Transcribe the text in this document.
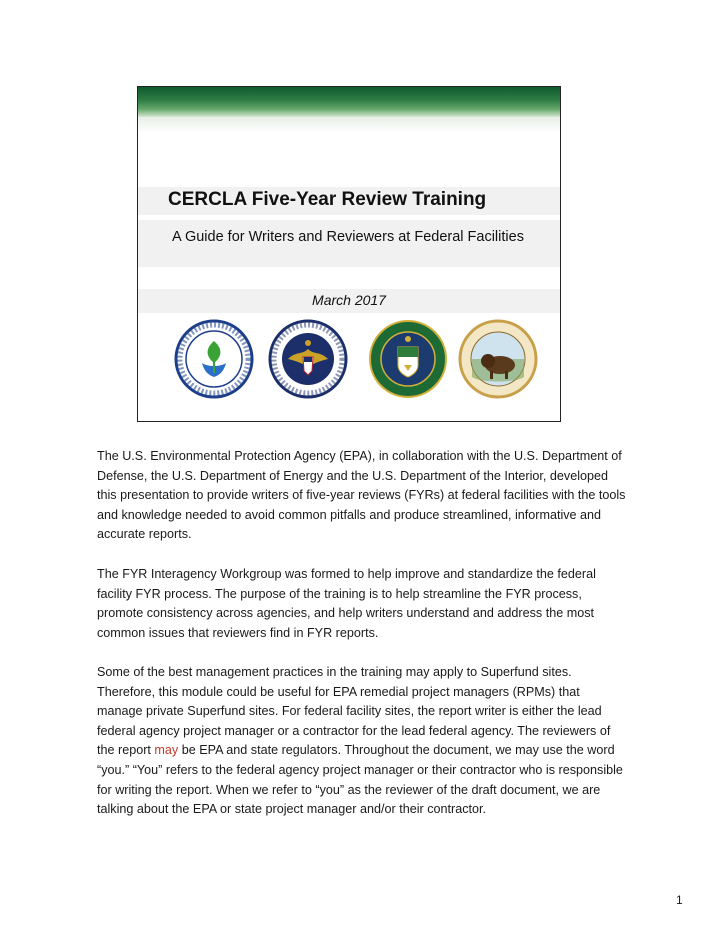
CERCLA Five-Year Review Training
A Guide for Writers and Reviewers at Federal Facilities
March 2017
The U.S. Environmental Protection Agency (EPA), in collaboration with the U.S. Department of Defense, the U.S. Department of Energy and the U.S. Department of the Interior, developed this presentation to provide writers of five-year reviews (FYRs) at federal facilities with the tools and knowledge needed to avoid common pitfalls and produce streamlined, informative and accurate reports.
The FYR Interagency Workgroup was formed to help improve and standardize the federal facility FYR process. The purpose of the training is to help streamline the FYR process, promote consistency across agencies, and help writers understand and address the most common issues that reviewers find in FYR reports.
Some of the best management practices in the training may apply to Superfund sites. Therefore, this module could be useful for EPA remedial project managers (RPMs) that manage private Superfund sites. For federal facility sites, the report writer is either the lead federal agency project manager or a contractor for the lead federal agency. The reviewers of the report may be EPA and state regulators. Throughout the document, we may use the word “you.” “You” refers to the federal agency project manager or their contractor who is responsible for writing the report. When we refer to “you” as the reviewer of the draft document, we are talking about the EPA or state project manager and/or their contractor.
1
